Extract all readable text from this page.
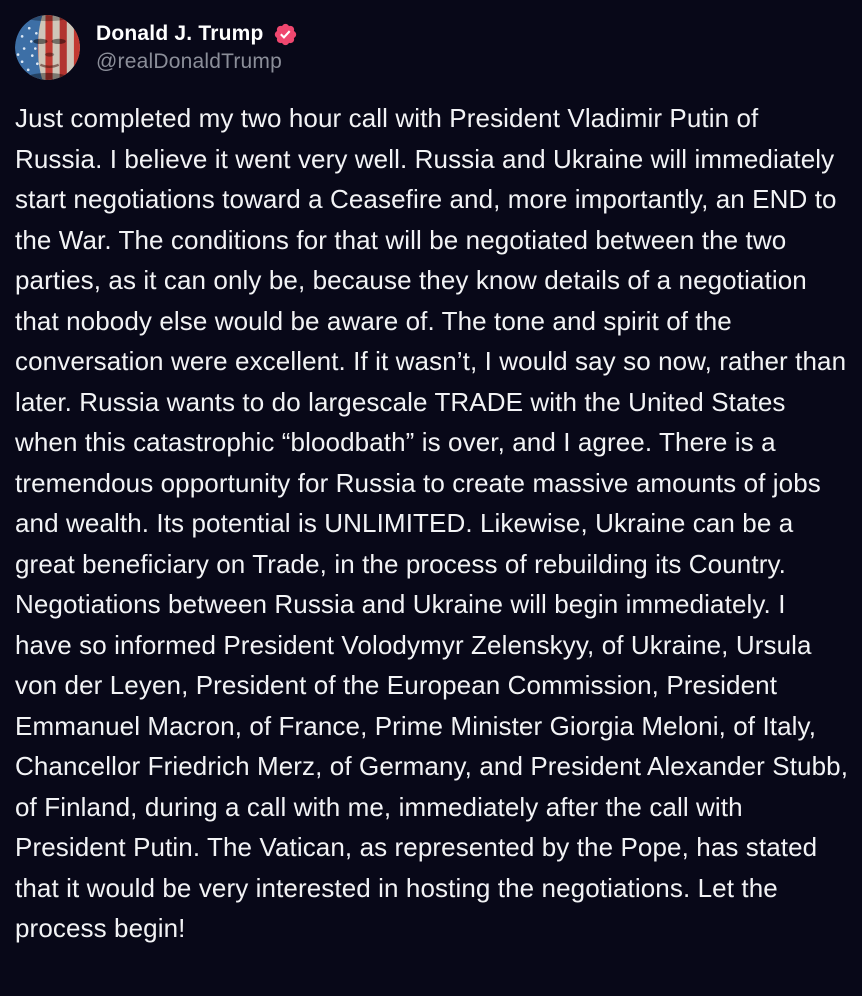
Donald J. Trump
@realDonaldTrump
Just completed my two hour call with President Vladimir Putin of Russia. I believe it went very well. Russia and Ukraine will immediately start negotiations toward a Ceasefire and, more importantly, an END to the War. The conditions for that will be negotiated between the two parties, as it can only be, because they know details of a negotiation that nobody else would be aware of. The tone and spirit of the conversation were excellent. If it wasn’t, I would say so now, rather than later. Russia wants to do largescale TRADE with the United States when this catastrophic “bloodbath” is over, and I agree. There is a tremendous opportunity for Russia to create massive amounts of jobs and wealth. Its potential is UNLIMITED. Likewise, Ukraine can be a great beneficiary on Trade, in the process of rebuilding its Country. Negotiations between Russia and Ukraine will begin immediately. I have so informed President Volodymyr Zelenskyy, of Ukraine, Ursula von der Leyen, President of the European Commission, President Emmanuel Macron, of France, Prime Minister Giorgia Meloni, of Italy, Chancellor Friedrich Merz, of Germany, and President Alexander Stubb, of Finland, during a call with me, immediately after the call with President Putin. The Vatican, as represented by the Pope, has stated that it would be very interested in hosting the negotiations. Let the process begin!
